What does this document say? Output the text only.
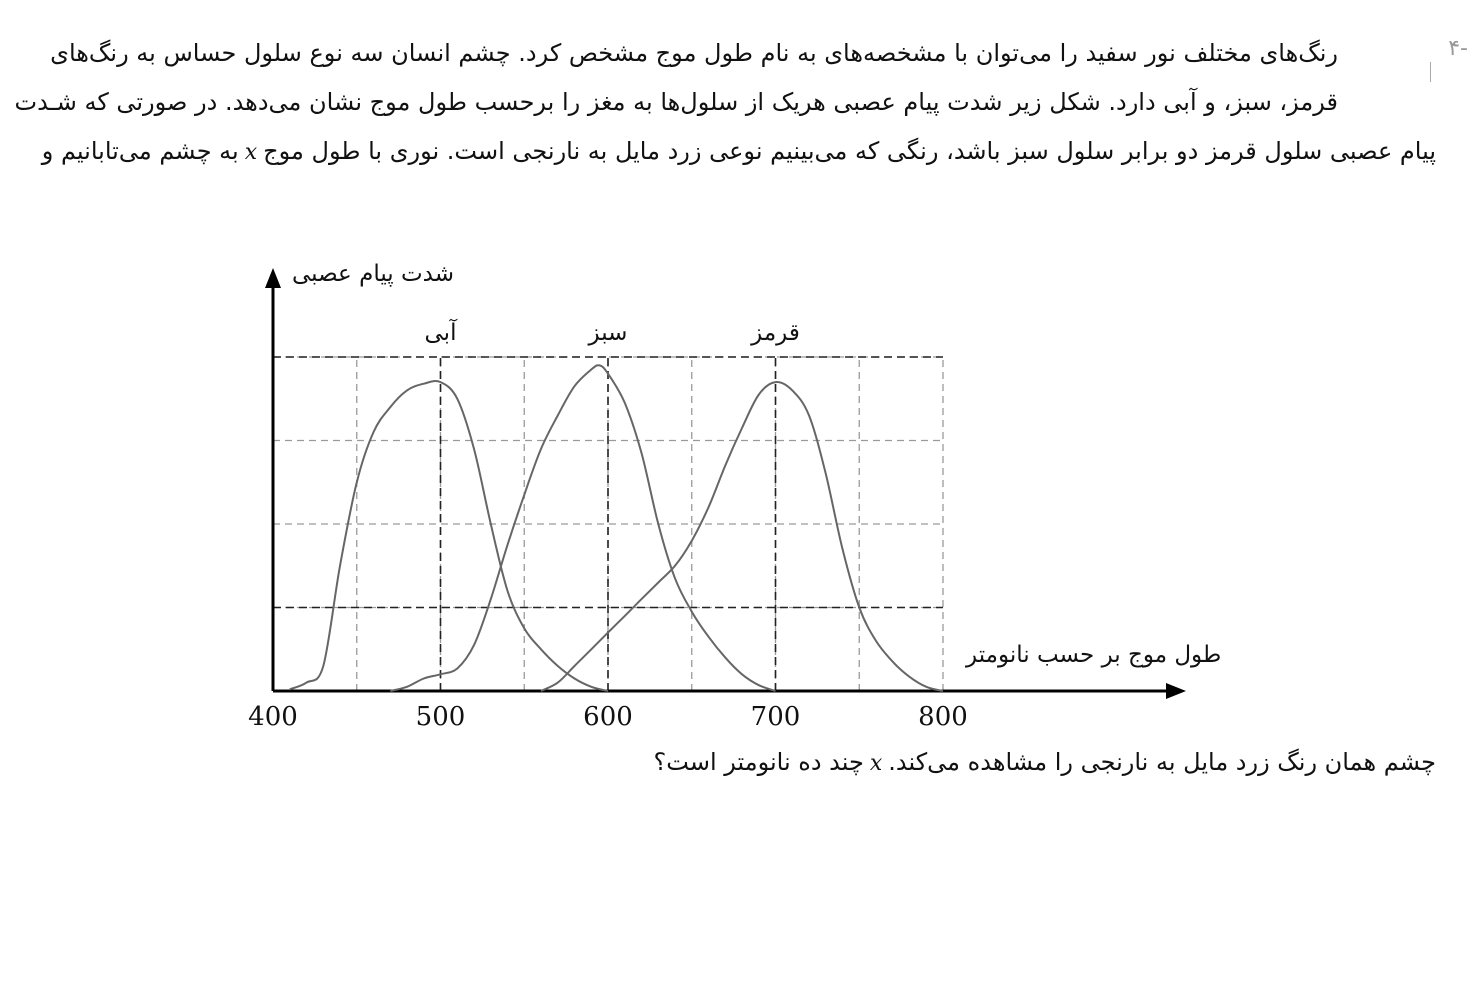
-۴
رنگ‌های مختلف نور سفید را می‌توان با مشخصه‌های به نام طول موج مشخص کرد. چشم انسان سه نوع سلول حساس به رنگ‌های
قرمز، سبز، و آبی دارد. شکل زیر شدت پیام عصبی هریک از سلول‌ها به مغز را برحسب طول موج نشان می‌دهد. در صورتی که شـدت
پیام عصبی سلول قرمز دو برابر سلول سبز باشد، رنگی که می‌بینیم نوعی زرد مایل به نارنجی است. نوری با طول موجxبه چشم می‌تابانیم و
400	500	600	700	800
آبی	سبز	قرمز
شدت پیام عصبی
طول موج بر حسب نانومتر
چشم همان رنگ زرد مایل به نارنجی را مشاهده می‌کند.xچند ده نانومتر است؟
